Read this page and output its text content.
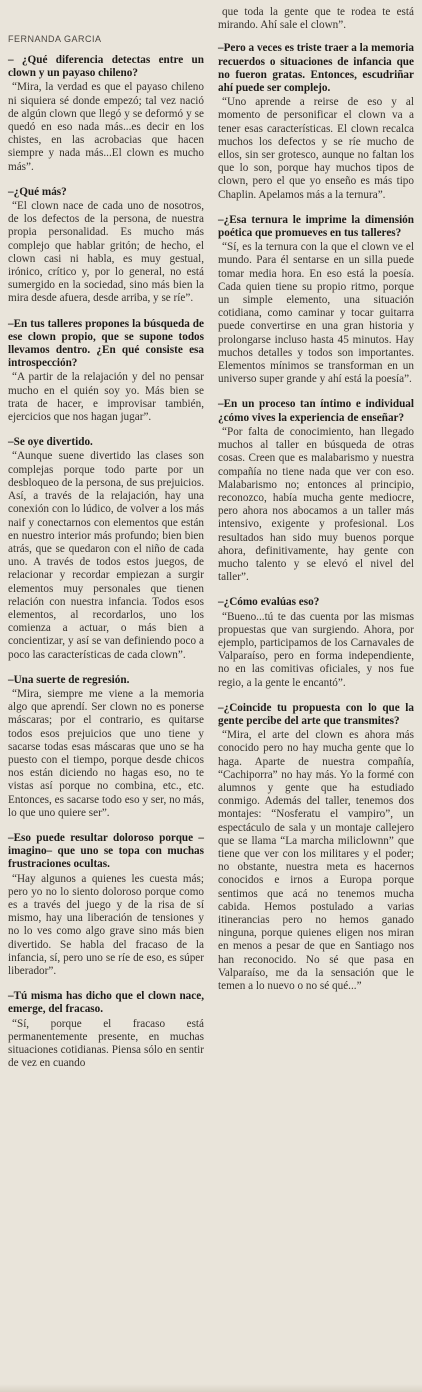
FERNANDA GARCIA

– ¿Qué diferencia detectas entre un clown y un payaso chileno?

“Mira, la verdad es que el payaso chileno ni siquiera sé donde empezó; tal vez nació de algún clown que llegó y se deformó y se quedó en eso nada más...es decir en los chistes, en las acrobacias que hacen siempre y nada más...El clown es mucho más”.

–¿Qué más?

“El clown nace de cada uno de nosotros, de los defectos de la persona, de nuestra propia personalidad. Es mucho más complejo que hablar gritón; de hecho, el clown casi ni habla, es muy gestual, irónico, crítico y, por lo general, no está sumergido en la sociedad, sino más bien la mira desde afuera, desde arriba, y se ríe”.

–En tus talleres propones la búsqueda de ese clown propio, que se supone todos llevamos dentro. ¿En qué consiste esa introspección?

“A partir de la relajación y del no pensar mucho en el quién soy yo. Más bien se trata de hacer, e improvisar también, ejercicios que nos hagan jugar”.

–Se oye divertido.

“Aunque suene divertido las clases son complejas porque todo parte por un desbloqueo de la persona, de sus prejuicios. Así, a través de la relajación, hay una conexión con lo lúdico, de volver a los más naif y conectarnos con elementos que están en nuestro interior más profundo; bien bien atrás, que se quedaron con el niño de cada uno. A través de todos estos juegos, de relacionar y recordar empiezan a surgir elementos muy personales que tienen relación con nuestra infancia. Todos esos elementos, al recordarlos, uno los comienza a actuar, o más bien a concientizar, y así se van definiendo poco a poco las características de cada clown”.

–Una suerte de regresión.

“Mira, siempre me viene a la memoria algo que aprendí. Ser clown no es ponerse máscaras; por el contrario, es quitarse todos esos prejuicios que uno tiene y sacarse todas esas máscaras que uno se ha puesto con el tiempo, porque desde chicos nos están diciendo no hagas eso, no te vistas así porque no combina, etc., etc. Entonces, es sacarse todo eso y ser, no más, lo que uno quiere ser”.

–Eso puede resultar doloroso porque –imagino– que uno se topa con muchas frustraciones ocultas.

“Hay algunos a quienes les cuesta más; pero yo no lo siento doloroso porque como es a través del juego y de la risa de sí mismo, hay una liberación de tensiones y no lo ves como algo grave sino más bien divertido. Se habla del fracaso de la infancia, sí, pero uno se ríe de eso, es súper liberador”.

–Tú misma has dicho que el clown nace, emerge, del fracaso.

“Sí, porque el fracaso está permanentemente presente, en muchas situaciones cotidianas. Piensa sólo en sentir de vez en cuando

que toda la gente que te rodea te está mirando. Ahí sale el clown”.

–Pero a veces es triste traer a la memoria recuerdos o situaciones de infancia que no fueron gratas. Entonces, escudriñar ahí puede ser complejo.

“Uno aprende a reirse de eso y al momento de personificar el clown va a tener esas características. El clown recalca muchos los defectos y se ríe mucho de ellos, sin ser grotesco, aunque no faltan los que lo son, porque hay muchos tipos de clown, pero el que yo enseño es más tipo Chaplin. Apelamos más a la ternura”.

–¿Esa ternura le imprime la dimensión poética que promueves en tus talleres?

“Sí, es la ternura con la que el clown ve el mundo. Para él sentarse en un silla puede tomar media hora. En eso está la poesía. Cada quien tiene su propio ritmo, porque un simple elemento, una situación cotidiana, como caminar y tocar guitarra puede convertirse en una gran historia y prolongarse incluso hasta 45 minutos. Hay muchos detalles y todos son importantes. Elementos mínimos se transforman en un universo super grande y ahí está la poesía”.

–En un proceso tan íntimo e individual ¿cómo vives la experiencia de enseñar?

“Por falta de conocimiento, han llegado muchos al taller en búsqueda de otras cosas. Creen que es malabarismo y nuestra compañía no tiene nada que ver con eso. Malabarismo no; entonces al principio, reconozco, había mucha gente mediocre, pero ahora nos abocamos a un taller más intensivo, exigente y profesional. Los resultados han sido muy buenos porque ahora, definitivamente, hay gente con mucho talento y se elevó el nivel del taller”.

–¿Cómo evalúas eso?

“Bueno...tú te das cuenta por las mismas propuestas que van surgiendo. Ahora, por ejemplo, participamos de los Carnavales de Valparaíso, pero en forma independiente, no en las comitivas oficiales, y nos fue regio, a la gente le encantó”.

–¿Coincide tu propuesta con lo que la gente percibe del arte que transmites?

“Mira, el arte del clown es ahora más conocido pero no hay mucha gente que lo haga. Aparte de nuestra compañía, “Cachiporra” no hay más. Yo la formé con alumnos y gente que ha estudiado conmigo. Además del taller, tenemos dos montajes: “Nosferatu el vampiro”, un espectáculo de sala y un montaje callejero que se llama “La marcha miliclownn” que tiene que ver con los militares y el poder; no obstante, nuestra meta es hacernos conocidos e irnos a Europa porque sentimos que acá no tenemos mucha cabida. Hemos postulado a varias itinerancias pero no hemos ganado ninguna, porque quienes eligen nos miran en menos a pesar de que en Santiago nos han reconocido. No sé que pasa en Valparaíso, me da la sensación que le temen a lo nuevo o no sé qué...”
